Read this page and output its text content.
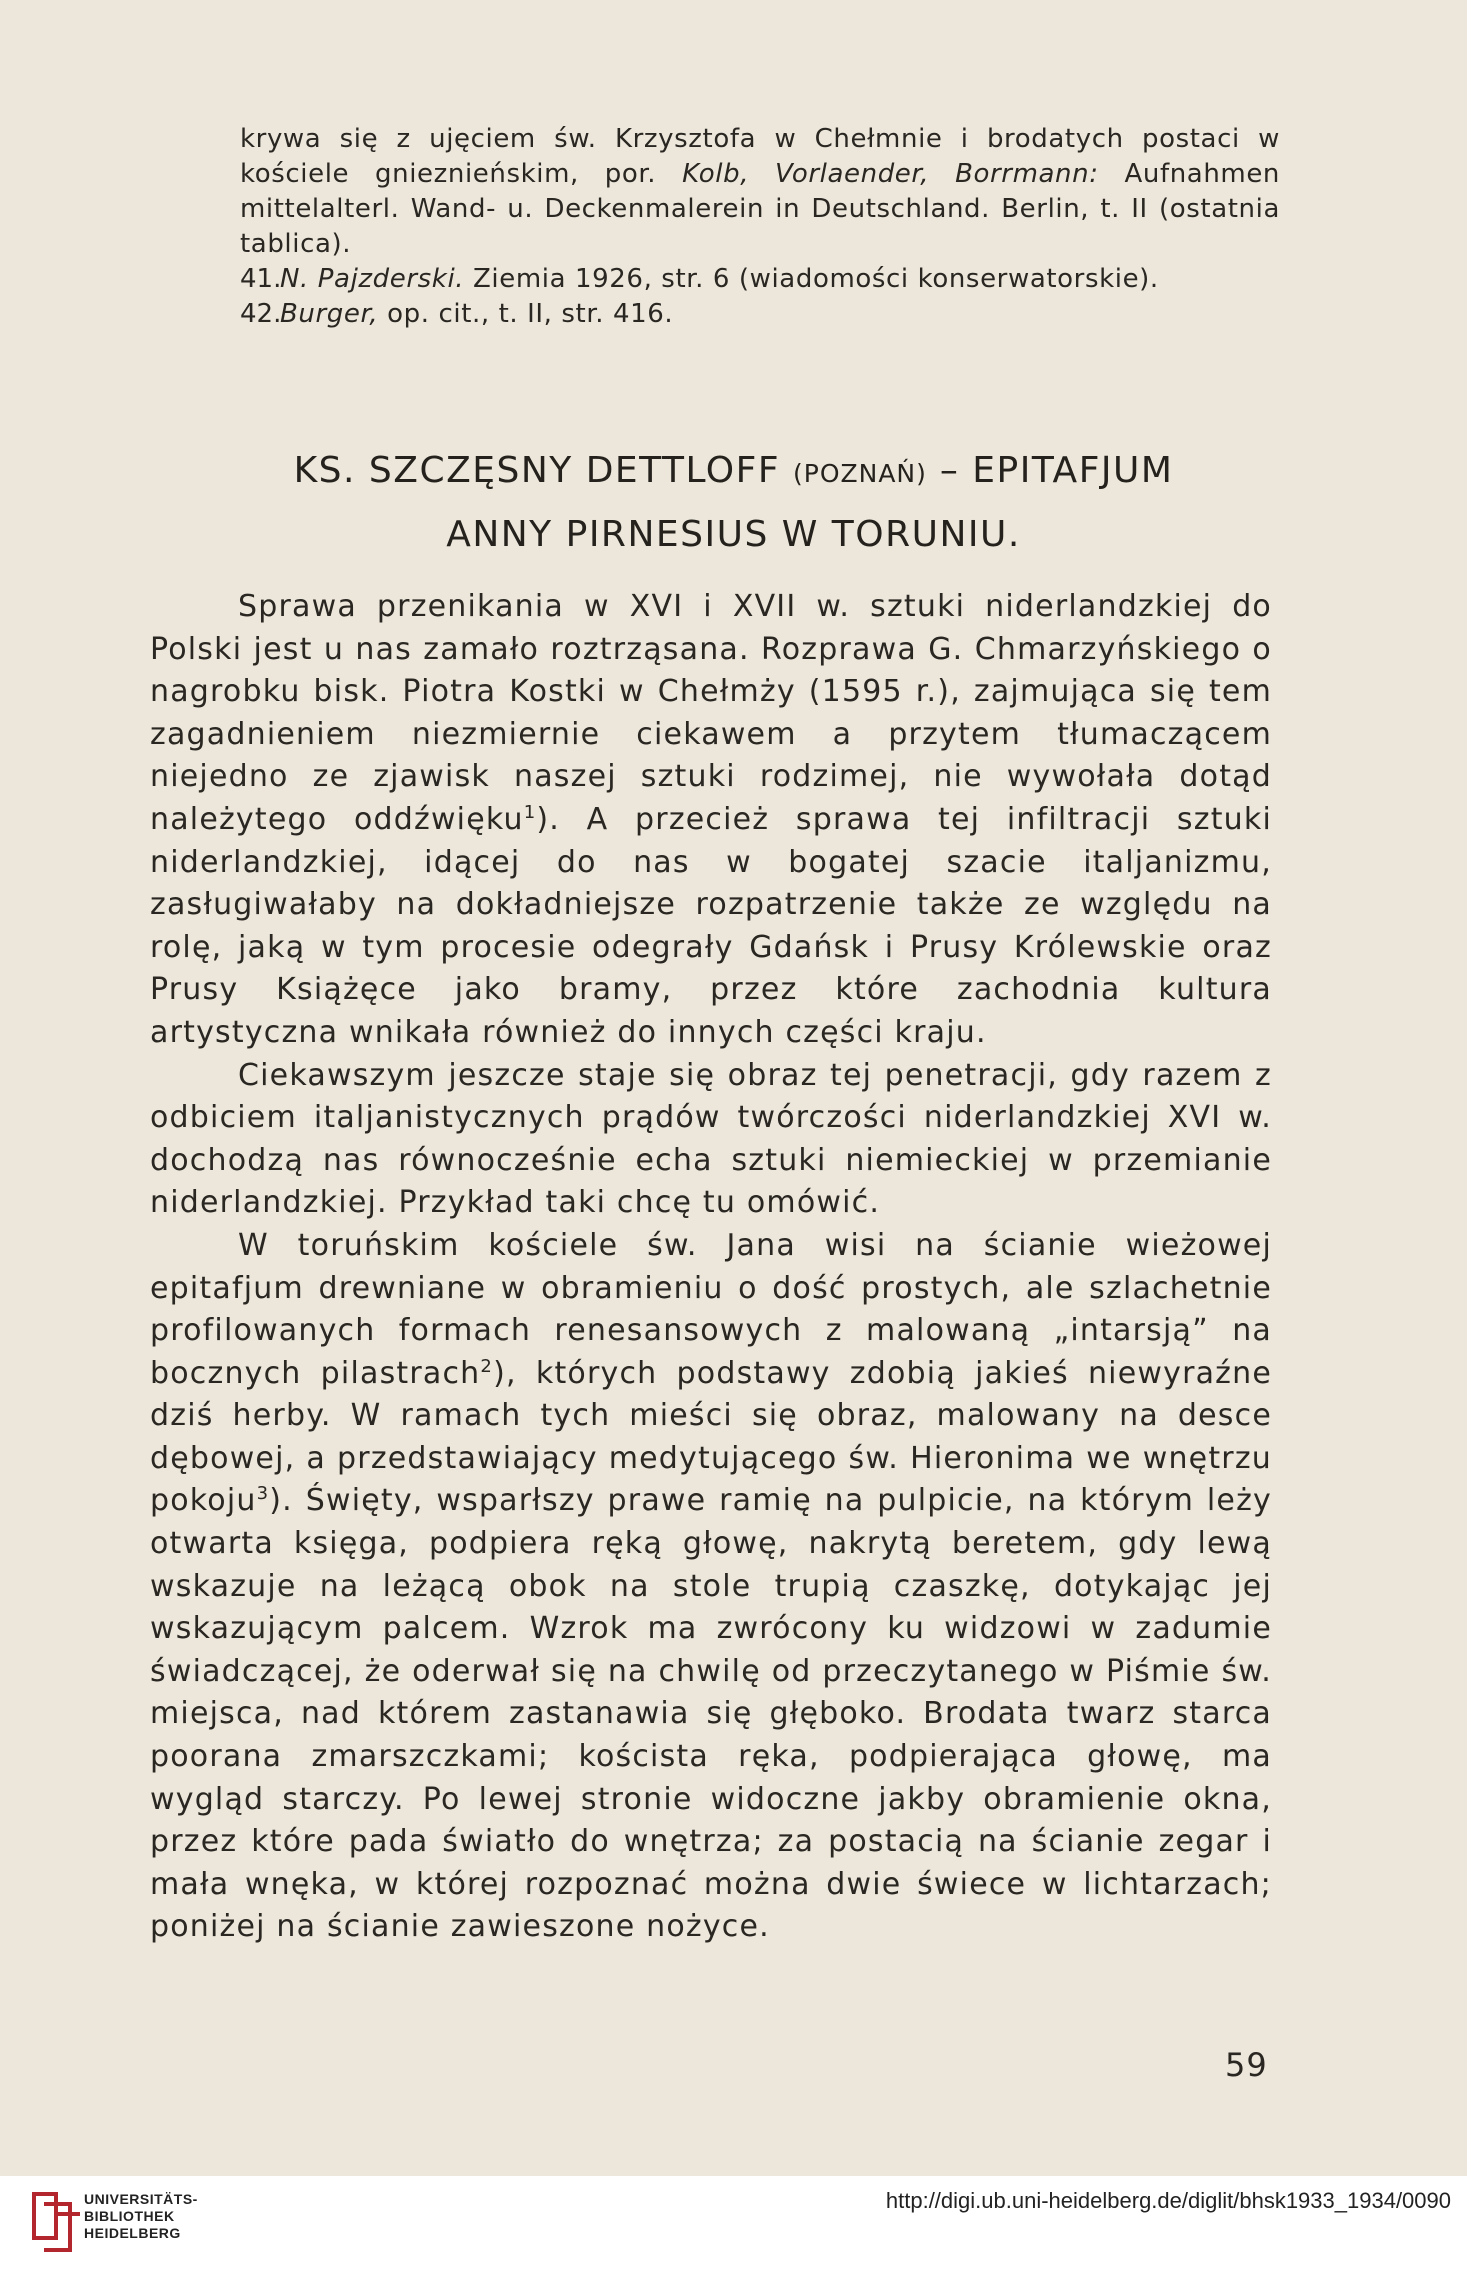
krywa się z ujęciem św. Krzysztofa w Chełmnie i brodatych postaci w kościele gnieznieńskim, por. Kolb, Vorlaender, Borrmann: Aufnahmen mittelalterl. Wand- u. Deckenmalerein in Deutschland. Berlin, t. II (ostatnia tablica).
41.
N. Pajzderski. Ziemia 1926, str. 6 (wiadomości konserwatorskie).
42.
Burger, op. cit., t. II, str. 416.
KS. SZCZĘSNY DETTLOFF (POZNAŃ) – EPITAFJUM
ANNY PIRNESIUS W TORUNIU.

Sprawa przenikania w XVI i XVII w. sztuki niderlandzkiej do Polski jest u nas zamało roztrząsana. Rozprawa G. Chmarzyńskiego o nagrobku bisk. Piotra Kostki w Chełmży (1595 r.), zajmująca się tem zagadnieniem niezmiernie ciekawem a przytem tłumaczącem niejedno ze zjawisk naszej sztuki rodzimej, nie wywołała dotąd należytego oddźwięku$^1$). A przecież sprawa tej infiltracji sztuki niderlandzkiej, idącej do nas w bogatej szacie italjanizmu, zasługiwałaby na dokładniejsze rozpatrzenie także ze względu na rolę, jaką w tym procesie odegrały Gdańsk i Prusy Królewskie oraz Prusy Książęce jako bramy, przez które zachodnia kultura artystyczna wnikała również do innych części kraju.

Ciekawszym jeszcze staje się obraz tej penetracji, gdy razem z odbiciem italjanistycznych prądów twórczości niderlandzkiej XVI w. dochodzą nas równocześnie echa sztuki niemieckiej w przemianie niderlandzkiej. Przykład taki chcę tu omówić.

W toruńskim kościele św. Jana wisi na ścianie wieżowej epitafjum drewniane w obramieniu o dość prostych, ale szlachetnie profilowanych formach renesansowych z malowaną „intarsją” na bocznych pilastrach$^2$), których podstawy zdobią jakieś niewyraźne dziś herby. W ramach tych mieści się obraz, malowany na desce dębowej, a przedstawiający medytującego św. Hieronima we wnętrzu pokoju$^3$). Święty, wsparłszy prawe ramię na pulpicie, na którym leży otwarta księga, podpiera ręką głowę, nakrytą beretem, gdy lewą wskazuje na leżącą obok na stole trupią czaszkę, dotykając jej wskazującym palcem. Wzrok ma zwrócony ku widzowi w zadumie świadczącej, że oderwał się na chwilę od przeczytanego w Piśmie św. miejsca, nad którem zastanawia się głęboko. Brodata twarz starca poorana zmarszczkami; koścista ręka, podpierająca głowę, ma wygląd starczy. Po lewej stronie widoczne jakby obramienie okna, przez które pada światło do wnętrza; za postacią na ścianie zegar i mała wnęka, w której rozpoznać można dwie świece w lichtarzach; poniżej na ścianie zawieszone nożyce.

59
UNIVERSITÄTS-
BIBLIOTHEK
HEIDELBERG
http://digi.ub.uni-heidelberg.de/diglit/bhsk1933_1934/0090
